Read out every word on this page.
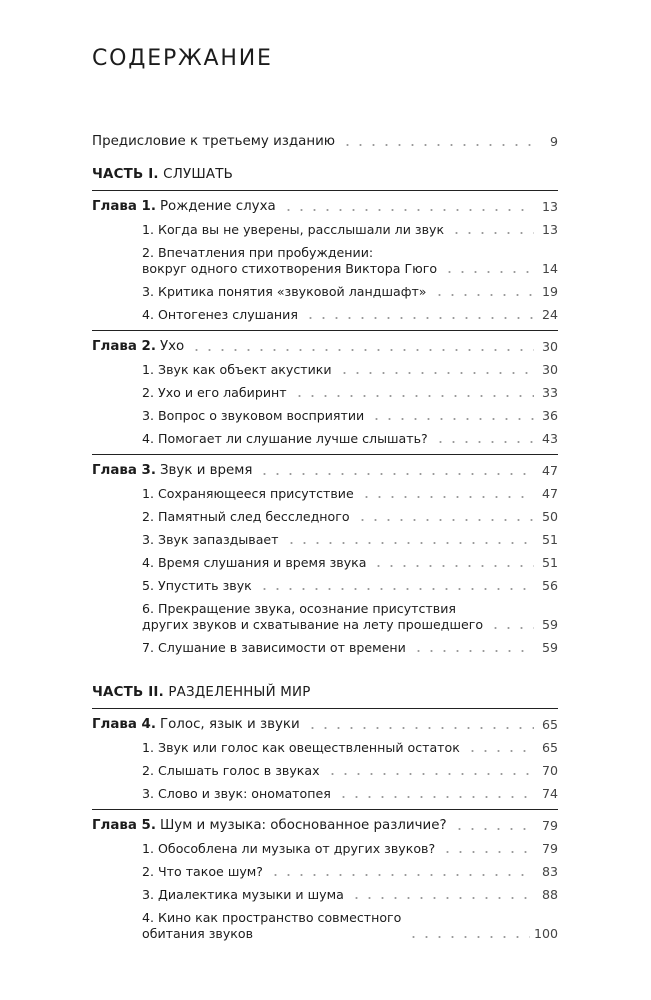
СОДЕРЖАНИЕ
Предисловие к третьему изданию	9
ЧАСТЬ I. СЛУШАТЬ
Глава 1. Рождение слуха	13
1. Когда вы не уверены, расслышали ли звук	13
2. Впечатления при пробуждении:
вокруг одного стихотворения Виктора Гюго	14
3. Критика понятия «звуковой ландшафт»	19
4. Онтогенез слушания	24
Глава 2. Ухо	30
1. Звук как объект акустики	30
2. Ухо и его лабиринт	33
3. Вопрос о звуковом восприятии	36
4. Помогает ли слушание лучше слышать?	43
Глава 3. Звук и время	47
1. Сохраняющееся присутствие	47
2. Памятный след бесследного	50
3. Звук запаздывает	51
4. Время слушания и время звука	51
5. Упустить звук	56
6. Прекращение звука, осознание присутствия
других звуков и схватывание на лету прошедшего	59
7. Слушание в зависимости от времени	59
ЧАСТЬ II. РАЗДЕЛЕННЫЙ МИР
Глава 4. Голос, язык и звуки	65
1. Звук или голос как овеществленный остаток	65
2. Слышать голос в звуках	70
3. Слово и звук: ономатопея	74
Глава 5. Шум и музыка: обоснованное различие?	79
1. Обособлена ли музыка от других звуков?	79
2. Что такое шум?	83
3. Диалектика музыки и шума	88
4. Кино как пространство совместного
обитания звуков	100
